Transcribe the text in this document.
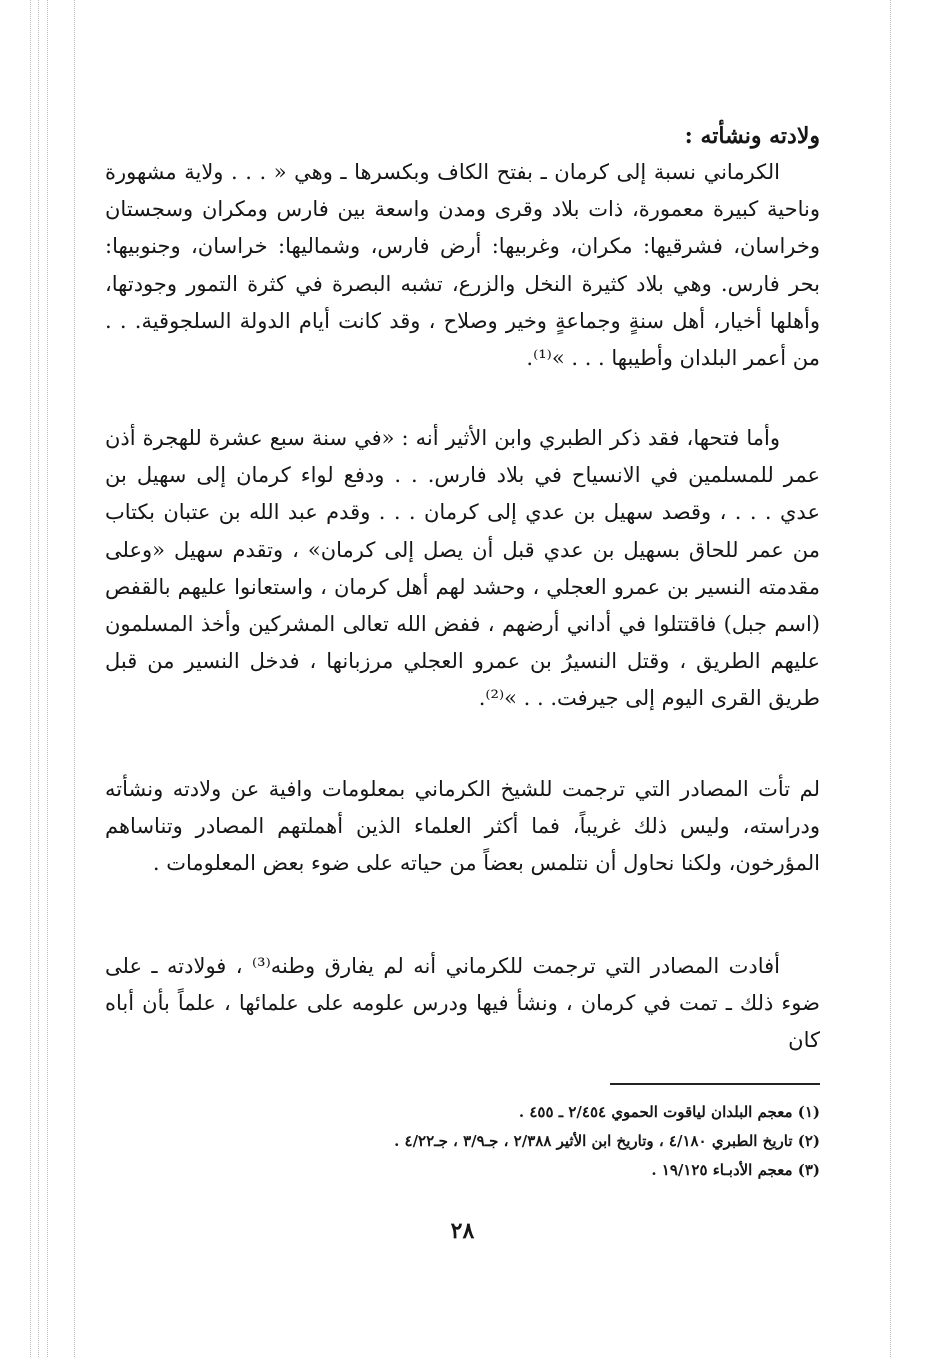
ولادته ونشأته :

الكرماني نسبة إلى كرمان ـ بفتح الكاف وبكسرها ـ وهي « . . . ولاية مشهورة وناحية كبيرة معمورة، ذات بلاد وقرى ومدن واسعة بين فارس ومكران وسجستان وخراسان، فشرقيها: مكران، وغربيها: أرض فارس، وشماليها: خراسان، وجنوبيها: بحر فارس. وهي بلاد كثيرة النخل والزرع، تشبه البصرة في كثرة التمور وجودتها، وأهلها أخيار، أهل سنةٍ وجماعةٍ وخير وصلاح ، وقد كانت أيام الدولة السلجوقية. . . من أعمر البلدان وأطيبها . . . »⁽¹⁾.

وأما فتحها، فقد ذكر الطبري وابن الأثير أنه : «في سنة سبع عشرة للهجرة أذن عمر للمسلمين في الانسياح في بلاد فارس. . . ودفع لواء كرمان إلى سهيل بن عدي . . . ، وقصد سهيل بن عدي إلى كرمان . . . وقدم عبد الله بن عتبان بكتاب من عمر للحاق بسهيل بن عدي قبل أن يصل إلى كرمان» ، وتقدم سهيل «وعلى مقدمته النسير بن عمرو العجلي ، وحشد لهم أهل كرمان ، واستعانوا عليهم بالقفص (اسم جبل) فاقتتلوا في أداني أرضهم ، ففض الله تعالى المشركين وأخذ المسلمون عليهم الطريق ، وقتل النسيرُ بن عمرو العجلي مرزبانها ، فدخل النسير من قبل طريق القرى اليوم إلى جيرفت. . . »⁽²⁾.

لم تأت المصادر التي ترجمت للشيخ الكرماني بمعلومات وافية عن ولادته ونشأته ودراسته، وليس ذلك غريباً، فما أكثر العلماء الذين أهملتهم المصادر وتناساهم المؤرخون، ولكنا نحاول أن نتلمس بعضاً من حياته على ضوء بعض المعلومات .

أفادت المصادر التي ترجمت للكرماني أنه لم يفارق وطنه⁽³⁾ ، فولادته ـ على ضوء ذلك ـ تمت في كرمان ، ونشأ فيها ودرس علومه على علمائها ، علماً بأن أباه كان

(١) معجم البلدان لياقوت الحموي ٢/٤٥٤ ـ ٤٥٥ .
(٢) تاريخ الطبري ٤/١٨٠ ، وتاريخ ابن الأثير ٢/٣٨٨ ، جـ٣/٩ ، جـ٤/٢٢ .
(٣) معجم الأدبـاء ١٩/١٢٥ .
٢٨
